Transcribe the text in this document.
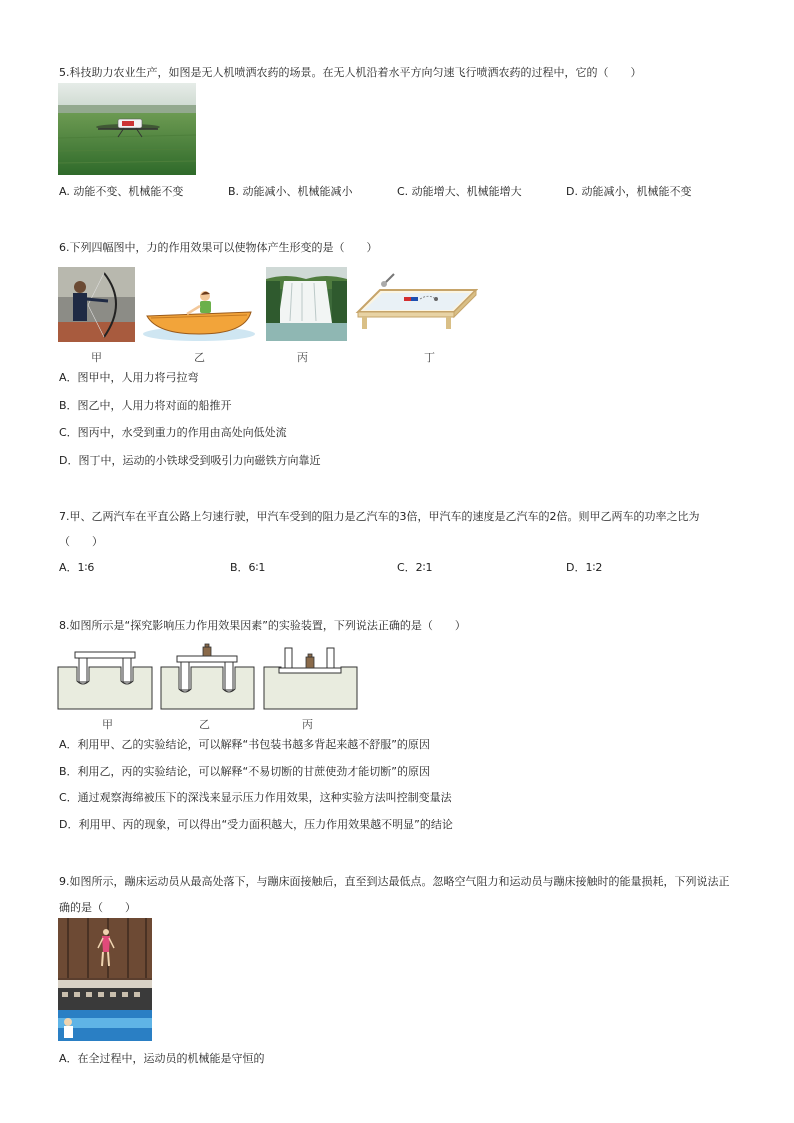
5.科技助力农业生产，如图是无人机喷洒农药的场景。在无人机沿着水平方向匀速飞行喷洒农药的过程中，它的（　　）
A. 动能不变、机械能不变	B. 动能减小、机械能减小	C. 动能增大、机械能增大	D. 动能减小，机械能不变
6.下列四幅图中，力的作用效果可以使物体产生形变的是（　　）
甲	乙	丙	丁
A．图甲中，人用力将弓拉弯
B．图乙中，人用力将对面的船推开
C．图丙中，水受到重力的作用由高处向低处流
D．图丁中，运动的小铁球受到吸引力向磁铁方向靠近
7.甲、乙两汽车在平直公路上匀速行驶，甲汽车受到的阻力是乙汽车的3倍，甲汽车的速度是乙汽车的2倍。则甲乙两车的功率之比为
（　　）
A．1∶6	B．6∶1	C．2∶1	D．1∶2
8.如图所示是“探究影响压力作用效果因素”的实验装置，下列说法正确的是（　　）
甲	乙	丙
A．利用甲、乙的实验结论，可以解释“书包装书越多背起来越不舒服”的原因
B．利用乙，丙的实验结论，可以解释“不易切断的甘蔗使劲才能切断”的原因
C．通过观察海绵被压下的深浅来显示压力作用效果，这种实验方法叫控制变量法
D．利用甲、丙的现象，可以得出“受力面积越大，压力作用效果越不明显”的结论
9.如图所示，蹦床运动员从最高处落下，与蹦床面接触后，直至到达最低点。忽略空气阻力和运动员与蹦床接触时的能量损耗，下列说法正
确的是（　　）
A．在全过程中，运动员的机械能是守恒的
